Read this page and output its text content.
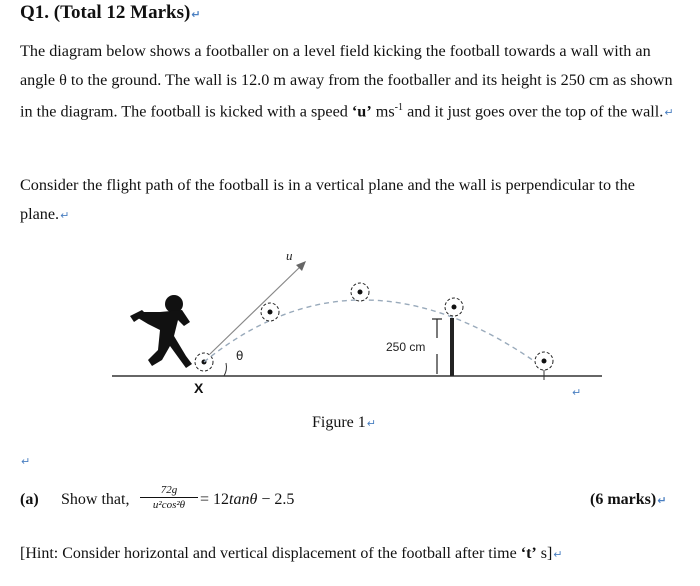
Q1. (Total 12 Marks)↵
The diagram below shows a footballer on a level field kicking the football towards a wall with an angle θ to the ground. The wall is 12.0 m away from the footballer and its height is 250 cm as shown in the diagram. The football is kicked with a speed ‘u’ $ms^{-1}$ and it just goes over the top of the wall.↵
Consider the flight path of the football is in a vertical plane and the wall is perpendicular to the plane.↵
u
θ
X
250 cm
↵
Figure 1↵
↵
(a) Show that, $\frac{72g}{\text{u²cos²θ}} = 12\tan\theta - 2.5$	(6 marks)↵
[Hint: Consider horizontal and vertical displacement of the football after time ‘t’ s]↵
